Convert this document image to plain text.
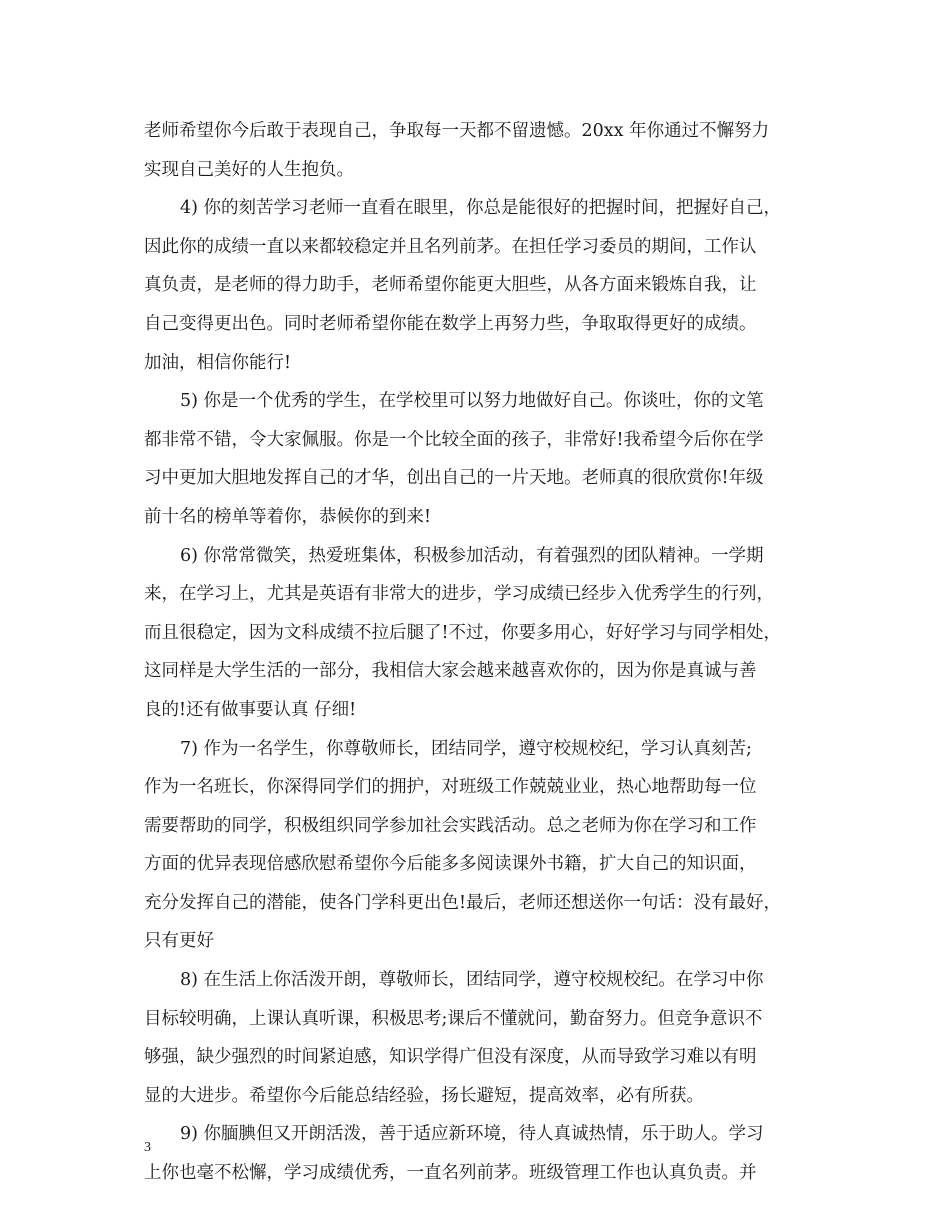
老师希望你今后敢于表现自己，争取每一天都不留遗憾。20xx 年你通过不懈努力
实现自己美好的人生抱负。
4) 你的刻苦学习老师一直看在眼里，你总是能很好的把握时间，把握好自己，
因此你的成绩一直以来都较稳定并且名列前茅。在担任学习委员的期间，工作认
真负责，是老师的得力助手，老师希望你能更大胆些，从各方面来锻炼自我，让
自己变得更出色。同时老师希望你能在数学上再努力些，争取取得更好的成绩。
加油，相信你能行!
5) 你是一个优秀的学生，在学校里可以努力地做好自己。你谈吐，你的文笔
都非常不错，令大家佩服。你是一个比较全面的孩子，非常好!我希望今后你在学
习中更加大胆地发挥自己的才华，创出自己的一片天地。老师真的很欣赏你!年级
前十名的榜单等着你，恭候你的到来!
6) 你常常微笑，热爱班集体，积极参加活动，有着强烈的团队精神。一学期
来，在学习上，尤其是英语有非常大的进步，学习成绩已经步入优秀学生的行列，
而且很稳定，因为文科成绩不拉后腿了!不过，你要多用心，好好学习与同学相处，
这同样是大学生活的一部分，我相信大家会越来越喜欢你的，因为你是真诚与善
良的!还有做事要认真 仔细!
7) 作为一名学生，你尊敬师长，团结同学，遵守校规校纪，学习认真刻苦;
作为一名班长，你深得同学们的拥护，对班级工作兢兢业业，热心地帮助每一位
需要帮助的同学，积极组织同学参加社会实践活动。总之老师为你在学习和工作
方面的优异表现倍感欣慰希望你今后能多多阅读课外书籍，扩大自己的知识面，
充分发挥自己的潜能，使各门学科更出色!最后，老师还想送你一句话：没有最好，
只有更好
8) 在生活上你活泼开朗，尊敬师长，团结同学，遵守校规校纪。在学习中你
目标较明确，上课认真听课，积极思考;课后不懂就问，勤奋努力。但竞争意识不
够强，缺少强烈的时间紧迫感，知识学得广但没有深度，从而导致学习难以有明
显的大进步。希望你今后能总结经验，扬长避短，提高效率，必有所获。
9) 你腼腆但又开朗活泼，善于适应新环境，待人真诚热情，乐于助人。学习
上你也毫不松懈，学习成绩优秀，一直名列前茅。班级管理工作也认真负责。并
3
